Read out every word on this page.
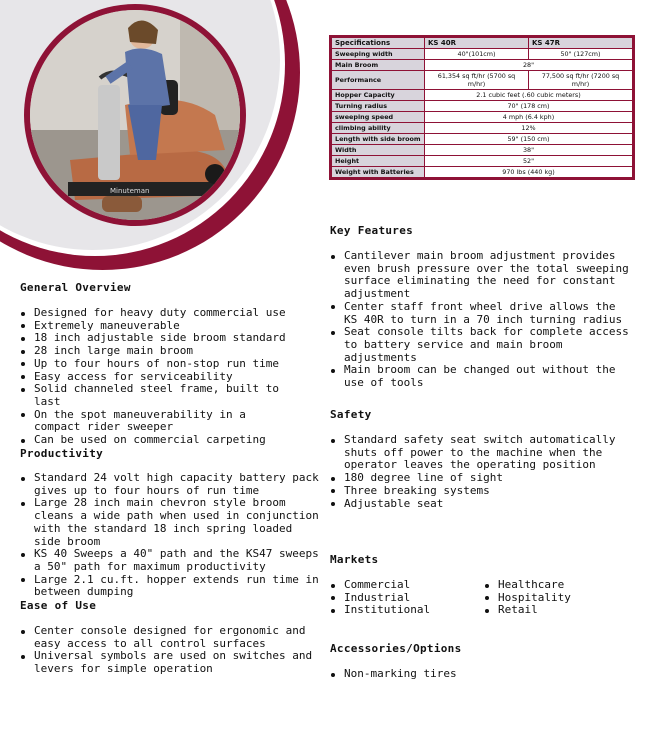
Minuteman
Specifications	KS 40R	KS 47R
Sweeping width	40"(101cm)	50" (127cm)
Main Broom	28"	
Performance	61,354 sq ft/hr (5700 sq m/hr)	77,500 sq ft/hr (7200 sq m/hr)
Hopper Capacity	2.1 cubic feet (.60 cubic meters)	
Turning radius	70" (178 cm)	
sweeping speed	4 mph (6.4 kph)	
climbing ability	12%	
Length with side broom	59" (150 cm)	
Width	38"	
Height	52"	
Weight with Batteries	970 lbs (440 kg)	
General Overview
Designed for heavy duty commercial use
Extremely maneuverable
18 inch adjustable side broom standard
28 inch large main broom
Up to four hours of non-stop run time
Easy access for serviceability
Solid channeled steel frame, built to last
On the spot maneuverability in a compact rider sweeper
Can be used on commercial carpeting
Productivity
Standard 24 volt high capacity battery pack gives up to four hours of run time
Large 28 inch main chevron style broom cleans a wide path when used in conjunction with the standard 18 inch spring loaded side broom
KS 40 Sweeps a 40" path and the KS47 sweeps a 50" path for maximum productivity
Large 2.1 cu.ft. hopper extends run time in between dumping
Ease of Use
Center console designed for ergonomic and easy access to all control surfaces
Universal symbols are used on switches and levers for simple operation
Key Features
Cantilever main broom adjustment provides even brush pressure over the total sweeping surface eliminating the need for constant adjustment
Center staff front wheel drive allows the KS 40R to turn in a 70 inch turning radius
Seat console tilts back for complete access to battery service and main broom adjustments
Main broom can be changed out without the use of tools
Safety
Standard safety seat switch automatically shuts off power to the machine when the operator leaves the operating position
180 degree line of sight
Three breaking systems
Adjustable seat
Markets
Commercial
Industrial
Institutional
Healthcare
Hospitality
Retail
Accessories/Options
Non-marking tires
